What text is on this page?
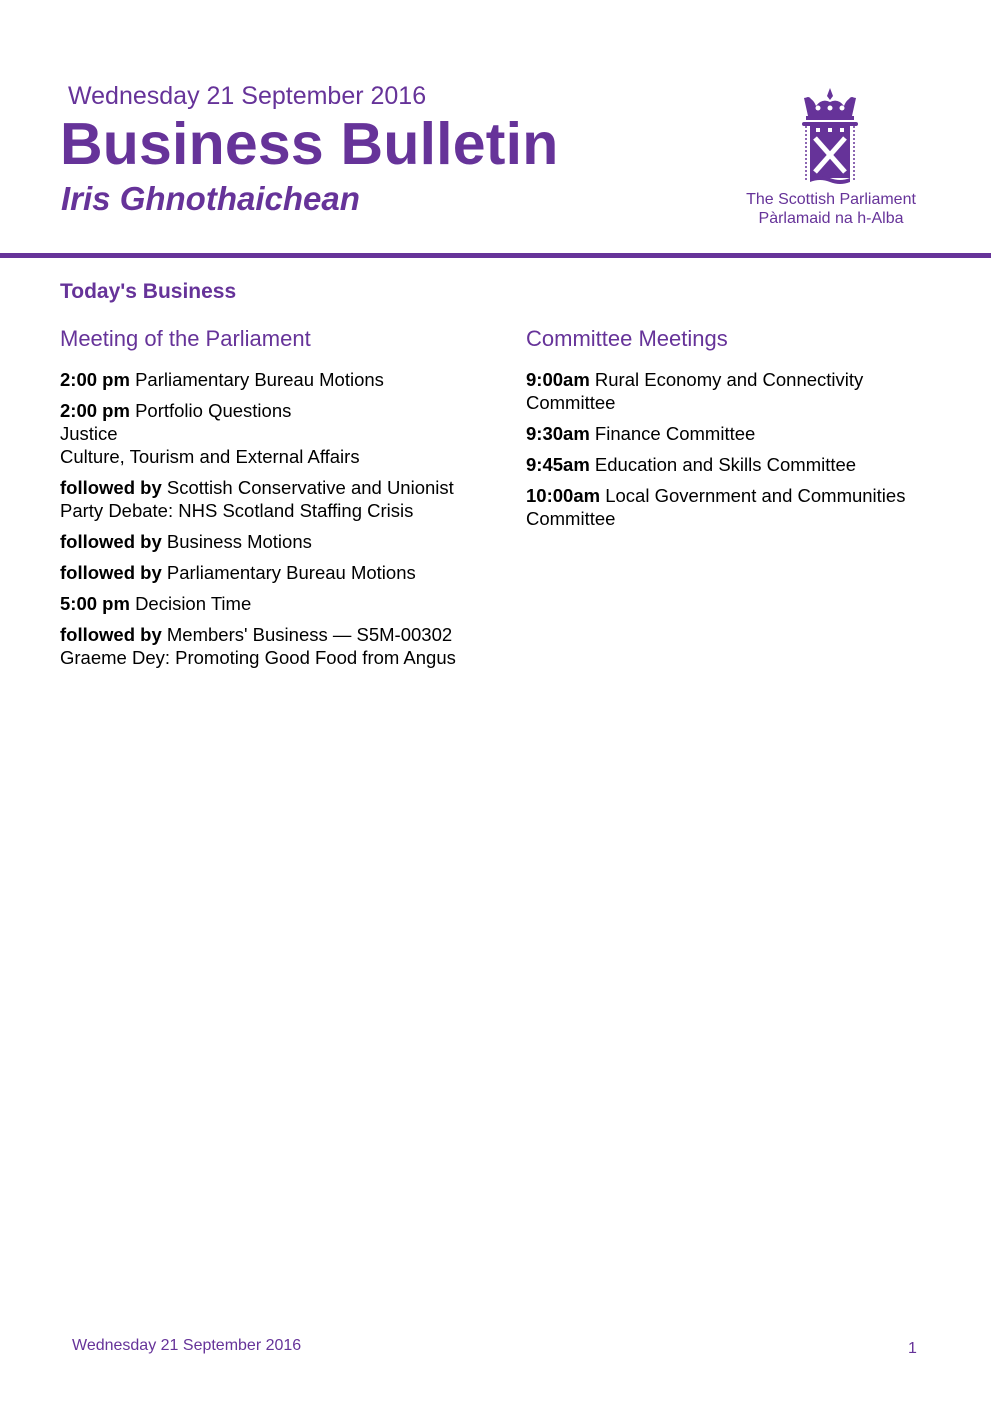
Wednesday 21 September 2016
Business Bulletin
Iris Ghnothaichean	The Scottish Parliament
Pàrlamaid na h-Alba
Today's Business
Meeting of the Parliament
2:00 pm Parliamentary Bureau Motions
2:00 pm Portfolio Questions
Justice
Culture, Tourism and External Affairs
followed by Scottish Conservative and Unionist Party Debate: NHS Scotland Staffing Crisis
followed by Business Motions
followed by Parliamentary Bureau Motions
5:00 pm Decision Time
followed by Members' Business — S5M-00302 Graeme Dey: Promoting Good Food from Angus
Committee Meetings
9:00am Rural Economy and Connectivity Committee
9:30am Finance Committee
9:45am Education and Skills Committee
10:00am Local Government and Communities Committee
Wednesday 21 September 2016	1
